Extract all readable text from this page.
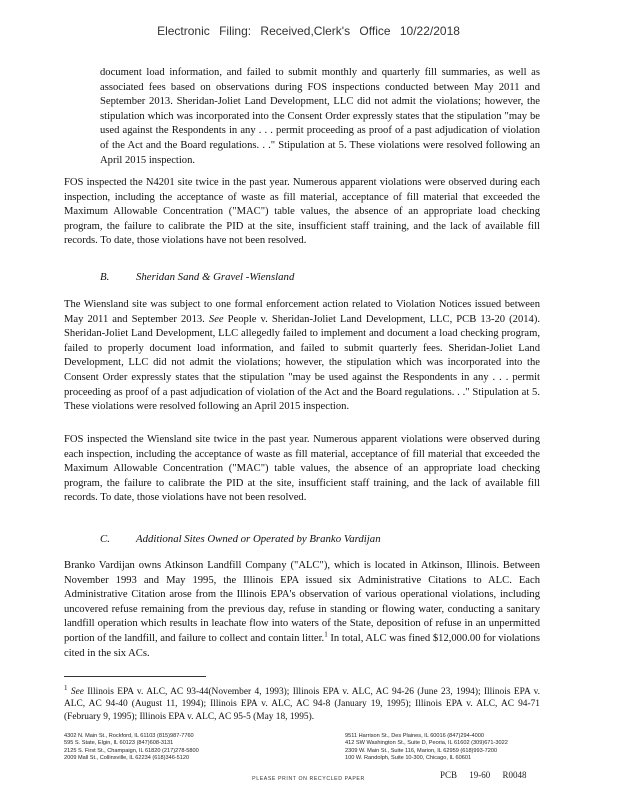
Electronic Filing: Received,Clerk's Office 10/22/2018

document load information, and failed to submit monthly and quarterly fill summaries, as well as associated fees based on observations during FOS inspections conducted between May 2011 and September 2013. Sheridan-Joliet Land Development, LLC did not admit the violations; however, the stipulation which was incorporated into the Consent Order expressly states that the stipulation "may be used against the Respondents in any . . . permit proceeding as proof of a past adjudication of violation of the Act and the Board regulations. . ." Stipulation at 5. These violations were resolved following an April 2015 inspection.

FOS inspected the N4201 site twice in the past year. Numerous apparent violations were observed during each inspection, including the acceptance of waste as fill material, acceptance of fill material that exceeded the Maximum Allowable Concentration ("MAC") table values, the absence of an appropriate load checking program, the failure to calibrate the PID at the site, insufficient staff training, and the lack of available fill records. To date, those violations have not been resolved.

B. Sheridan Sand & Gravel -Wiensland

The Wiensland site was subject to one formal enforcement action related to Violation Notices issued between May 2011 and September 2013. See People v. Sheridan-Joliet Land Development, LLC, PCB 13-20 (2014). Sheridan-Joliet Land Development, LLC allegedly failed to implement and document a load checking program, failed to properly document load information, and failed to submit quarterly fees. Sheridan-Joliet Land Development, LLC did not admit the violations; however, the stipulation which was incorporated into the Consent Order expressly states that the stipulation "may be used against the Respondents in any . . . permit proceeding as proof of a past adjudication of violation of the Act and the Board regulations. . ." Stipulation at 5. These violations were resolved following an April 2015 inspection.

FOS inspected the Wiensland site twice in the past year. Numerous apparent violations were observed during each inspection, including the acceptance of waste as fill material, acceptance of fill material that exceeded the Maximum Allowable Concentration ("MAC") table values, the absence of an appropriate load checking program, the failure to calibrate the PID at the site, insufficient staff training, and the lack of available fill records. To date, those violations have not been resolved.

C. Additional Sites Owned or Operated by Branko Vardijan

Branko Vardijan owns Atkinson Landfill Company ("ALC"), which is located in Atkinson, Illinois. Between November 1993 and May 1995, the Illinois EPA issued six Administrative Citations to ALC. Each Administrative Citation arose from the Illinois EPA's observation of various operational violations, including uncovered refuse remaining from the previous day, refuse in standing or flowing water, conducting a sanitary landfill operation which results in leachate flow into waters of the State, deposition of refuse in an unpermitted portion of the landfill, and failure to collect and contain litter.$^1$ In total, ALC was fined $12,000.00 for violations cited in the six ACs.

$^1$ See Illinois EPA v. ALC, AC 93-44(November 4, 1993); Illinois EPA v. ALC, AC 94-26 (June 23, 1994); Illinois EPA v. ALC, AC 94-40 (August 11, 1994); Illinois EPA v. ALC, AC 94-8 (January 19, 1995); Illinois EPA v. ALC, AC 94-71 (February 9, 1995); Illinois EPA v. ALC, AC 95-5 (May 18, 1995).

4302 N. Main St., Rockford, IL 61103 (815)987-7760
595 S. State, Elgin, IL 60123 (847)608-3131
2125 S. First St., Champaign, IL 61820 (217)278-5800
2009 Mall St., Collinsville, IL 62234 (618)346-5120
9511 Harrison St., Des Plaines, IL 60016 (847)294-4000
412 SW Washington St., Suite D, Peoria, IL 61602 (309)671-3022
2309 W. Main St., Suite 116, Marion, IL 62959 (618)993-7200
100 W. Randolph, Suite 10-300, Chicago, IL 60601
PLEASE PRINT ON RECYCLED PAPER	PCB 19-60 R0048
